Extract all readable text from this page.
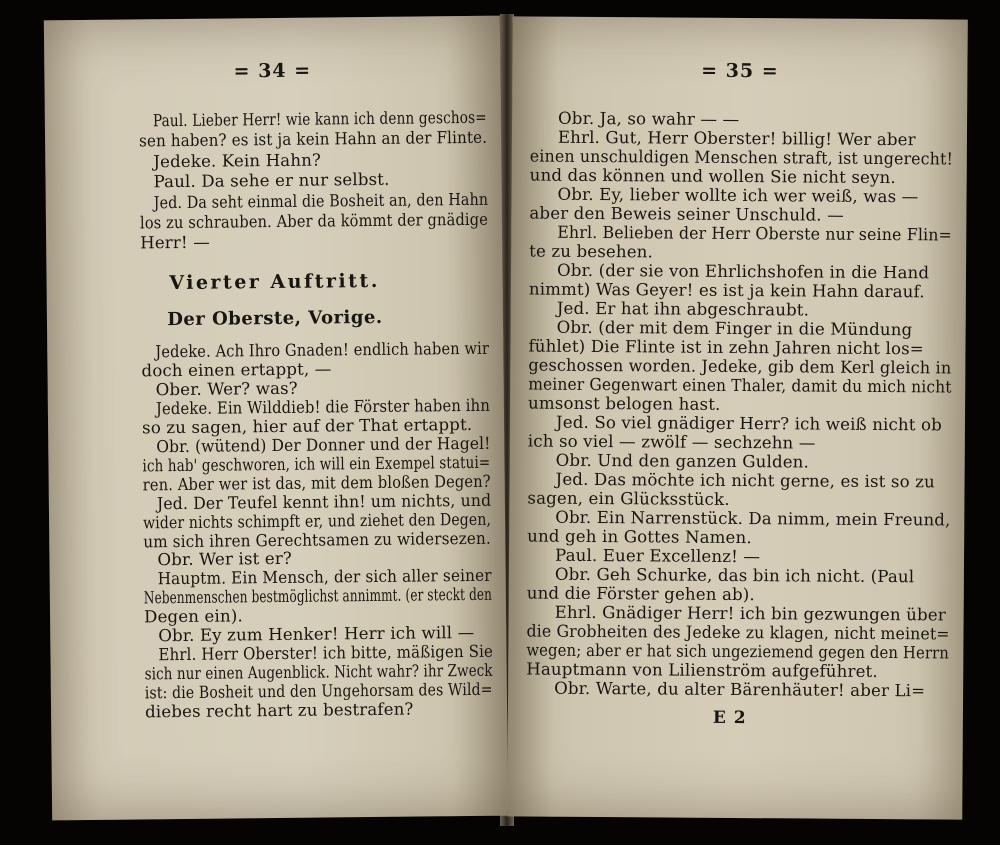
= 34 =
Paul. Lieber Herr! wie kann ich denn geschos=
sen haben? es ist ja kein Hahn an der Flinte.
Jedeke. Kein Hahn?
Paul. Da sehe er nur selbst.
Jed. Da seht einmal die Bosheit an, den Hahn
los zu schrauben. Aber da kömmt der gnädige
Herr! —
Vierter Auftritt.
Der Oberste, Vorige.
Jedeke. Ach Ihro Gnaden! endlich haben wir
doch einen ertappt, —
Ober. Wer? was?
Jedeke. Ein Wilddieb! die Förster haben ihn
so zu sagen, hier auf der That ertappt.
Obr. (wütend) Der Donner und der Hagel!
ich hab' geschworen, ich will ein Exempel statui=
ren. Aber wer ist das, mit dem bloßen Degen?
Jed. Der Teufel kennt ihn! um nichts, und
wider nichts schimpft er, und ziehet den Degen,
um sich ihren Gerechtsamen zu widersezen.
Obr. Wer ist er?
Hauptm. Ein Mensch, der sich aller seiner
Nebenmenschen bestmöglichst annimmt. (er steckt den
Degen ein).
Obr. Ey zum Henker! Herr ich will —
Ehrl. Herr Oberster! ich bitte, mäßigen Sie
sich nur einen Augenblick. Nicht wahr? ihr Zweck
ist: die Bosheit und den Ungehorsam des Wild=
diebes recht hart zu bestrafen?
= 35 =
Obr. Ja, so wahr — —
Ehrl. Gut, Herr Oberster! billig! Wer aber
einen unschuldigen Menschen straft, ist ungerecht!
und das können und wollen Sie nicht seyn.
Obr. Ey, lieber wollte ich wer weiß, was —
aber den Beweis seiner Unschuld. —
Ehrl. Belieben der Herr Oberste nur seine Flin=
te zu besehen.
Obr. (der sie von Ehrlichshofen in die Hand
nimmt) Was Geyer! es ist ja kein Hahn darauf.
Jed. Er hat ihn abgeschraubt.
Obr. (der mit dem Finger in die Mündung
fühlet) Die Flinte ist in zehn Jahren nicht los=
geschossen worden. Jedeke, gib dem Kerl gleich in
meiner Gegenwart einen Thaler, damit du mich nicht
umsonst belogen hast.
Jed. So viel gnädiger Herr? ich weiß nicht ob
ich so viel — zwölf — sechzehn —
Obr. Und den ganzen Gulden.
Jed. Das möchte ich nicht gerne, es ist so zu
sagen, ein Glücksstück.
Obr. Ein Narrenstück. Da nimm, mein Freund,
und geh in Gottes Namen.
Paul. Euer Excellenz! —
Obr. Geh Schurke, das bin ich nicht. (Paul
und die Förster gehen ab).
Ehrl. Gnädiger Herr! ich bin gezwungen über
die Grobheiten des Jedeke zu klagen, nicht meinet=
wegen; aber er hat sich ungeziemend gegen den Herrn
Hauptmann von Lilienström aufgeführet.
Obr. Warte, du alter Bärenhäuter! aber Li=
E 2
